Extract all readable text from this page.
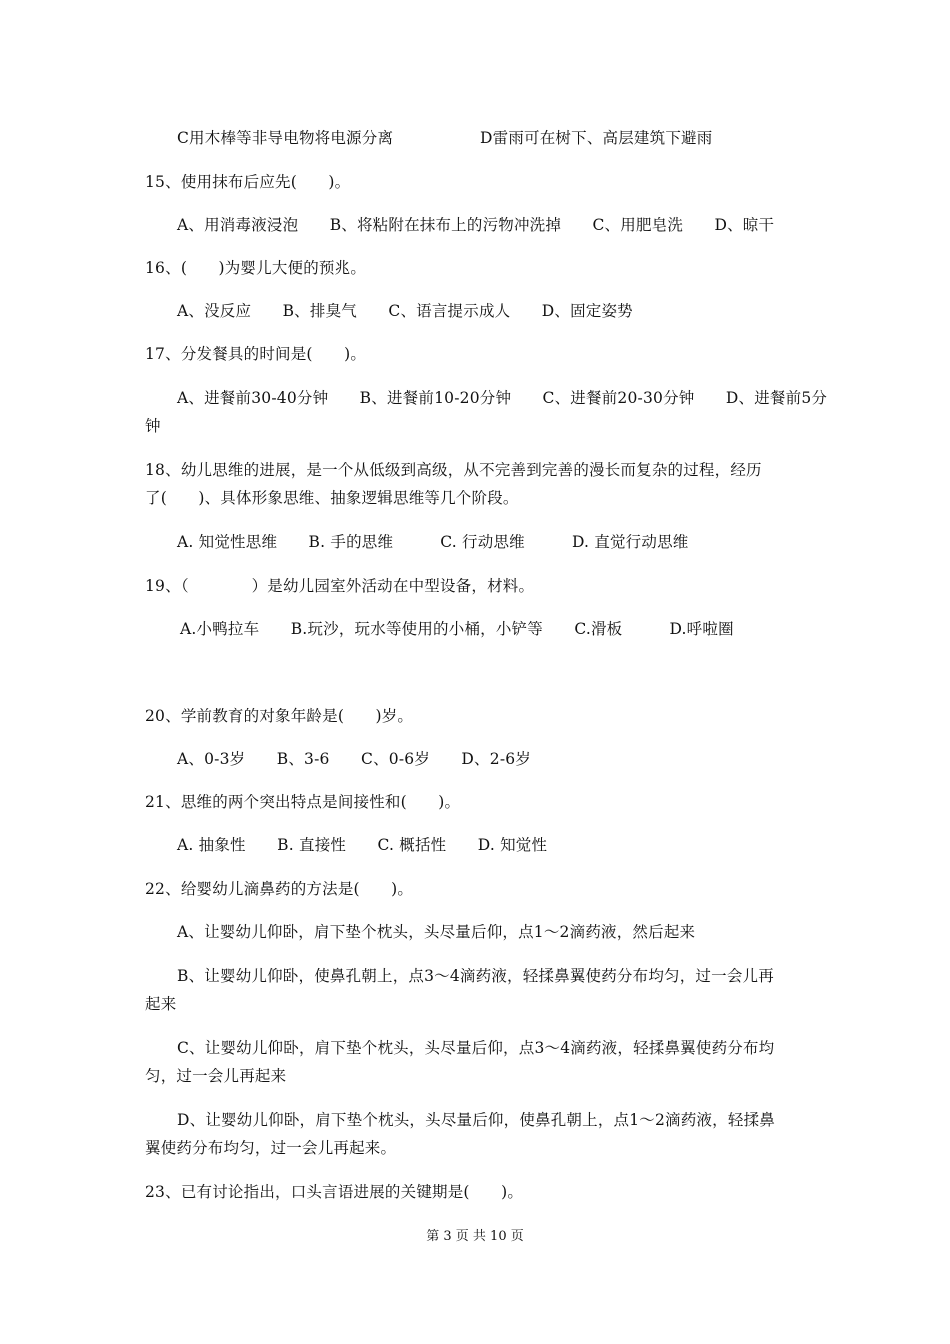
C用木棒等非导电物将电源分离	D雷雨可在树下、高层建筑下避雨
15、使用抹布后应先(　　)。
A、用消毒液浸泡　　B、将粘附在抹布上的污物冲洗掉　　C、用肥皂洗　　D、晾干
16、(　　)为婴儿大便的预兆。
A、没反应　　B、排臭气　　C、语言提示成人　　D、固定姿势
17、分发餐具的时间是(　　)。
A、进餐前30-40分钟　　B、进餐前10-20分钟　　C、进餐前20-30分钟　　D、进餐前5分
钟
18、幼儿思维的进展，是一个从低级到高级，从不完善到完善的漫长而复杂的过程，经历
了(　　)、具体形象思维、抽象逻辑思维等几个阶段。
A. 知觉性思维　　B. 手的思维　　　C. 行动思维　　　D. 直觉行动思维
19、（　　　　）是幼儿园室外活动在中型设备，材料。
A.小鸭拉车　　B.玩沙，玩水等使用的小桶，小铲等　　C.滑板　　　D.呼啦圈
20、学前教育的对象年龄是(　　)岁。
A、0-3岁　　B、3-6　　C、0-6岁　　D、2-6岁
21、思维的两个突出特点是间接性和(　　)。
A. 抽象性　　B. 直接性　　C. 概括性　　D. 知觉性
22、给婴幼儿滴鼻药的方法是(　　)。
A、让婴幼儿仰卧，肩下垫个枕头，头尽量后仰，点1～2滴药液，然后起来
B、让婴幼儿仰卧，使鼻孔朝上，点3～4滴药液，轻揉鼻翼使药分布均匀，过一会儿再
起来
C、让婴幼儿仰卧，肩下垫个枕头，头尽量后仰，点3～4滴药液，轻揉鼻翼使药分布均
匀，过一会儿再起来
D、让婴幼儿仰卧，肩下垫个枕头，头尽量后仰，使鼻孔朝上，点1～2滴药液，轻揉鼻
翼使药分布均匀，过一会儿再起来。
23、已有讨论指出，口头言语进展的关键期是(　　)。
第 3 页 共 10 页
